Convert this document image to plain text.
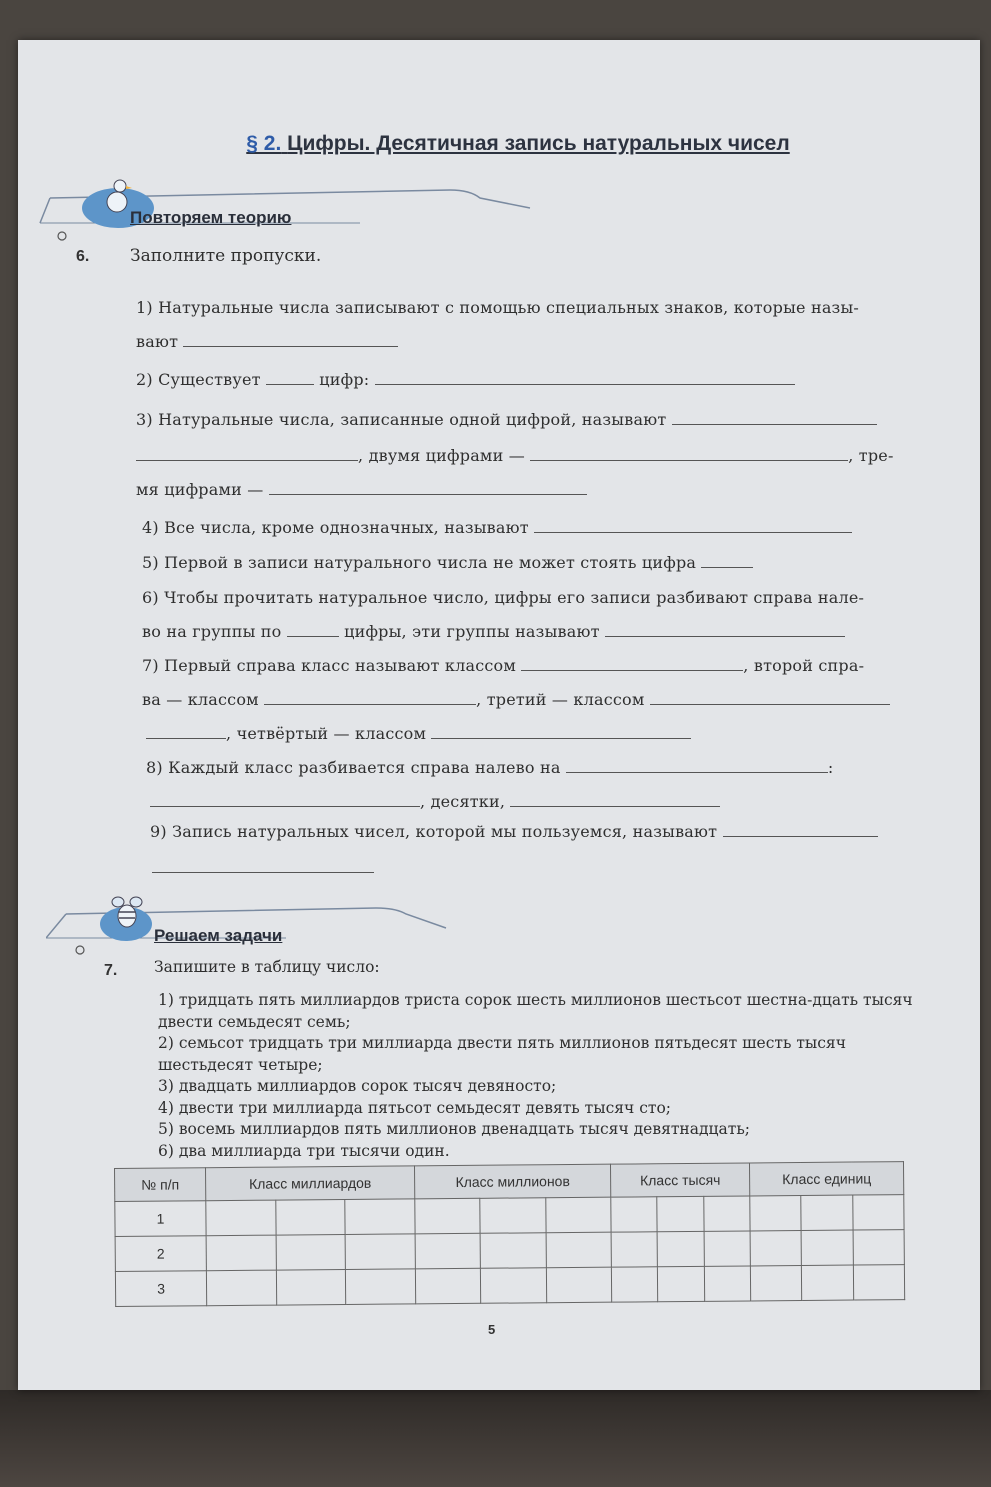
§ 2. Цифры. Десятичная запись натуральных чисел
Повторяем теорию
6. Заполните пропуски.
1) Натуральные числа записывают с помощью специальных знаков, которые назы-
вают
2) Существует	цифр:
3) Натуральные числа, записанные одной цифрой, называют
, двумя цифрами —	, тре-
мя цифрами —
4) Все числа, кроме однозначных, называют
5) Первой в записи натурального числа не может стоять цифра
6) Чтобы прочитать натуральное число, цифры его записи разбивают справа нале-
во на группы по	цифры, эти группы называют
7) Первый справа класс называют классом	, второй спра-
ва — классом	, третий — классом
, четвёртый — классом
8) Каждый класс разбивается справа налево на	:
, десятки,
9) Запись натуральных чисел, которой мы пользуемся, называют
Решаем задачи
7. Запишите в таблицу число:
1) тридцать пять миллиардов триста сорок шесть миллионов шестьсот шестна-дцать тысяч двести семьдесят семь;
2) семьсот тридцать три миллиарда двести пять миллионов пятьдесят шесть тысяч шестьдесят четыре;
3) двадцать миллиардов сорок тысяч девяносто;
4) двести три миллиарда пятьсот семьдесят девять тысяч сто;
5) восемь миллиардов пять миллионов двенадцать тысяч девятнадцать;
6) два миллиарда три тысячи один.
№ п/п	Класс миллиардов			Класс миллионов			Класс тысяч			Класс единиц		
1												
2												
3												
5
